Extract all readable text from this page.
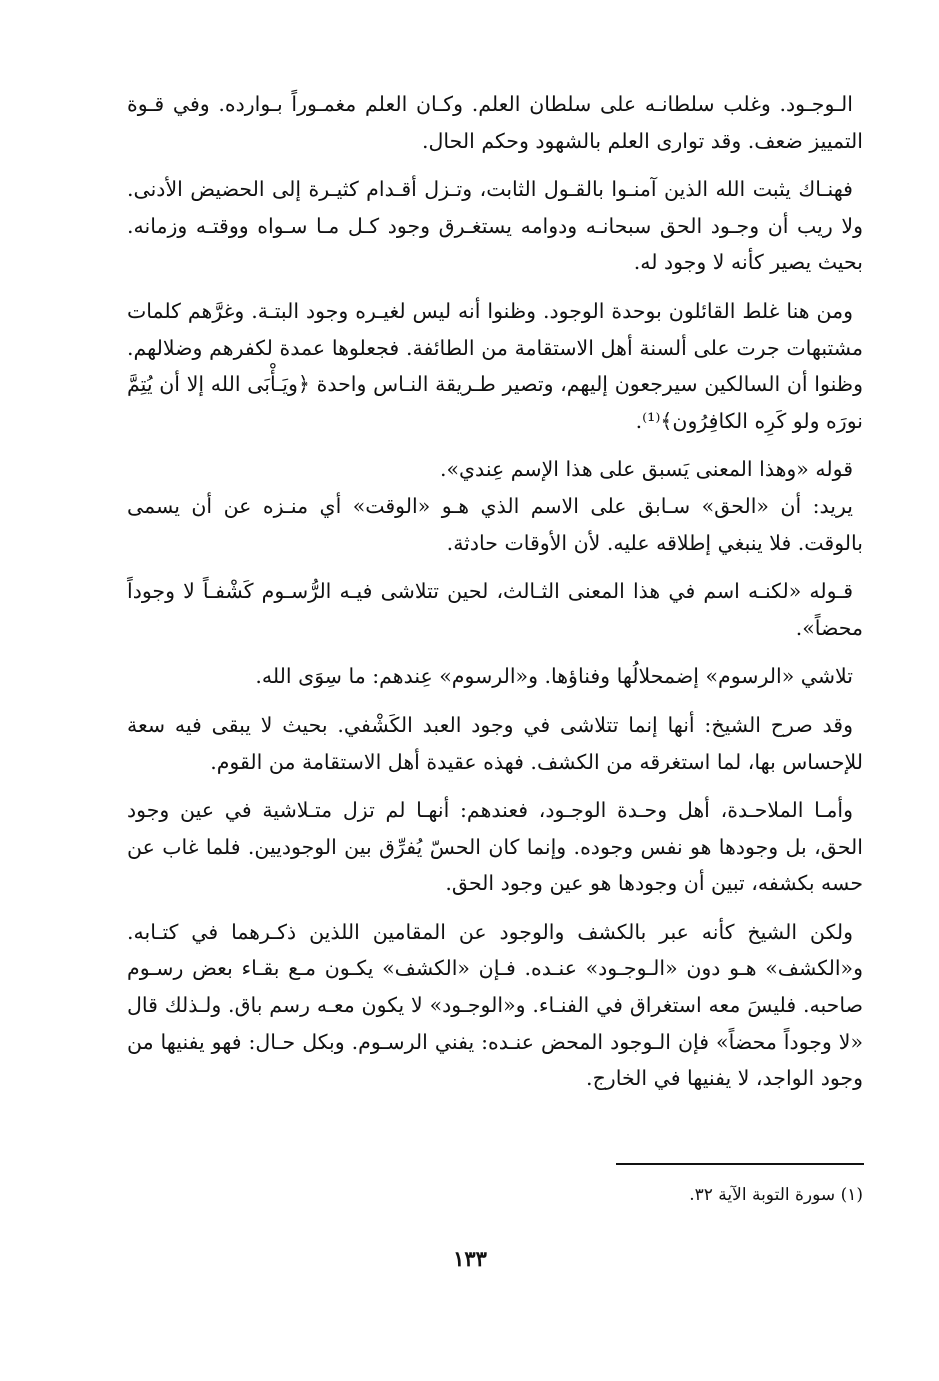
الـوجـود. وغلب سلطانـه على سلطان العلم. وكـان العلم مغمـوراً بـوارده. وفي قـوة التمييز ضعف. وقد توارى العلم بالشهود وحكم الحال.

فهنـاك يثبت الله الذين آمنـوا بالقـول الثابت، وتـزل أقـدام كثيـرة إلى الحضيض الأدنى. ولا ريب أن وجـود الحق سبحانـه ودوامه يستغـرق وجود كـل مـا سـواه ووقتـه وزمانه. بحيث يصير كأنه لا وجود له.

ومن هنا غلط القائلون بوحدة الوجود. وظنوا أنه ليس لغيـره وجود البتـة. وغرَّهم كلمات مشتبهات جرت على ألسنة أهل الاستقامة من الطائفة. فجعلوها عمدة لكفرهم وضلالهم. وظنوا أن السالكين سيرجعون إليهم، وتصير طـريقة النـاس واحدة ﴿ويَـأْبَى الله إلا أن يُتِمَّ نورَه ولو كَرِه الكافِرُون﴾⁽¹⁾.

قوله «وهذا المعنى يَسبق على هذا الإسم عِندي».

يريد: أن «الحق» سـابق على الاسم الذي هـو «الوقت» أي منـزه عن أن يسمى بالوقت. فلا ينبغي إطلاقه عليه. لأن الأوقات حادثة.

قـوله «لكنـه اسم في هذا المعنى الثـالث، لحين تتلاشى فيـه الرُّسـوم كَشْفـاً لا وجوداً محضاً».

تلاشي «الرسوم» إضمحلالُها وفناؤها. و«الرسوم» عِندهم: ما سِوَى الله.

وقد صرح الشيخ: أنها إنما تتلاشى في وجود العبد الكَشْفي. بحيث لا يبقى فيه سعة للإحساس بها، لما استغرقه من الكشف. فهذه عقيدة أهل الاستقامة من القوم.

وأمـا الملاحـدة، أهل وحـدة الوجـود، فعندهم: أنهـا لم تزل متـلاشية في عين وجود الحق، بل وجودها هو نفس وجوده. وإنما كان الحسّ يُفرِّق بين الوجوديين. فلما غاب عن حسه بكشفه، تبين أن وجودها هو عين وجود الحق.

ولكن الشيخ كأنه عبر بالكشف والوجود عن المقامين اللذين ذكـرهما في كتـابه. و«الكشف» هـو دون «الـوجـود» عنـده. فـإن «الكشف» يكـون مـع بقـاء بعض رسـوم صاحبه. فليسَ معه استغراق في الفنـاء. و«الوجـود» لا يكون معـه رسم باق. ولـذلك قال «لا وجوداً محضاً» فإن الـوجود المحض عنـده: يفني الرسـوم. وبكل حـال: فهو يفنيها من وجود الواجد، لا يفنيها في الخارج.

(١) سورة التوبة الآية ٣٢.
١٣٣
